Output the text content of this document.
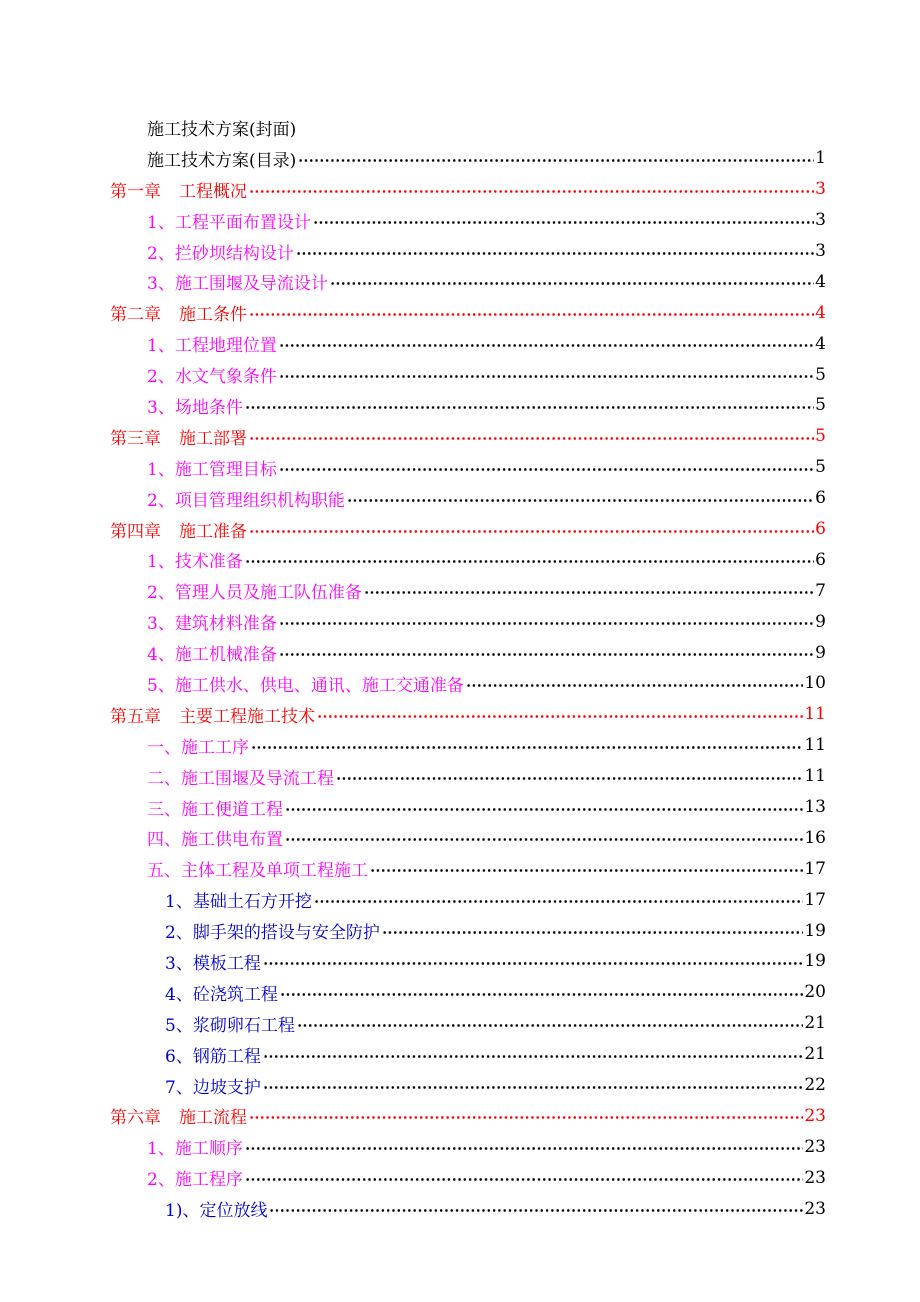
施工技术方案(封面)
施工技术方案(目录)	1
第一章 工程概况	3
1、工程平面布置设计	3
2、拦砂坝结构设计	3
3、施工围堰及导流设计	4
第二章 施工条件	4
1、工程地理位置	4
2、水文气象条件	5
3、场地条件	5
第三章 施工部署	5
1、施工管理目标	5
2、项目管理组织机构职能	6
第四章 施工准备	6
1、技术准备	6
2、管理人员及施工队伍准备	7
3、建筑材料准备	9
4、施工机械准备	9
5、施工供水、供电、通讯、施工交通准备	10
第五章 主要工程施工技术	11
一、施工工序	11
二、施工围堰及导流工程	11
三、施工便道工程	13
四、施工供电布置	16
五、主体工程及单项工程施工	17
1、基础土石方开挖	17
2、脚手架的搭设与安全防护	19
3、模板工程	19
4、砼浇筑工程	20
5、浆砌卵石工程	21
6、钢筋工程	21
7、边坡支护	22
第六章 施工流程	23
1、施工顺序	23
2、施工程序	23
1)、定位放线	23
